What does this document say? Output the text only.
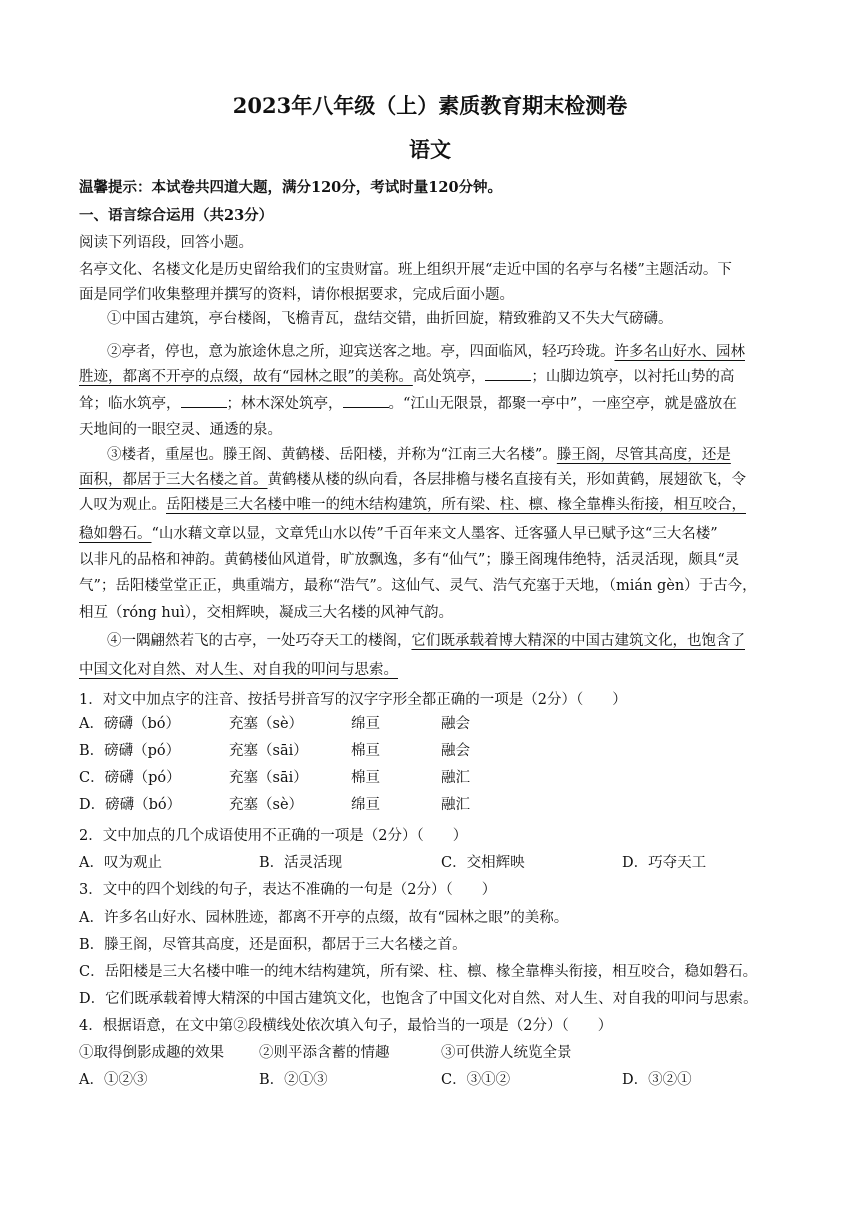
2023年八年级（上）素质教育期末检测卷
语文
温馨提示：本试卷共四道大题，满分120分，考试时量120分钟。
一、语言综合运用（共23分）
阅读下列语段，回答小题。
名亭文化、名楼文化是历史留给我们的宝贵财富。班上组织开展“走近中国的名亭与名楼”主题活动。下
面是同学们收集整理并撰写的资料，请你根据要求，完成后面小题。
①中国古建筑，亭台楼阁，飞檐青瓦，盘结交错，曲折回旋，精致雅韵又不失大气磅礴。
②亭者，停也，意为旅途休息之所，迎宾送客之地。亭，四面临风，轻巧玲珑。许多名山好水、园林
胜迹，都离不开亭的点缀，故有“园林之眼”的美称。高处筑亭，	；山脚边筑亭，以衬托山势的高
耸；临水筑亭，	；林木深处筑亭，	。“江山无限景，都聚一亭中”，一座空亭，就是盛放在
天地间的一眼空灵、通透的泉。
③楼者，重屋也。滕王阁、黄鹤楼、岳阳楼，并称为“江南三大名楼”。滕王阁，尽管其高度，还是
面积，都居于三大名楼之首。黄鹤楼从楼的纵向看，各层排檐与楼名直接有关，形如黄鹤，展翅欲飞，令
人叹为观止。岳阳楼是三大名楼中唯一的纯木结构建筑，所有梁、柱、檩、椽全靠榫头衔接，相互咬合，
稳如磐石。“山水藉文章以显，文章凭山水以传”千百年来文人墨客、迁客骚人早已赋予这“三大名楼”
以非凡的品格和神韵。黄鹤楼仙风道骨，旷放飘逸，多有“仙气”；滕王阁瑰伟绝特，活灵活现，颇具“灵
气”；岳阳楼堂堂正正，典重端方，最称“浩气”。这仙气、灵气、浩气充塞于天地，（mián gèn）于古今，
相互（róng huì），交相辉映，凝成三大名楼的风神气韵。
④一隅翩然若飞的古亭，一处巧夺天工的楼阁，它们既承载着博大精深的中国古建筑文化，也饱含了
中国文化对自然、对人生、对自我的叩问与思索。
1．对文中加点字的注音、按括号拼音写的汉字字形全都正确的一项是（2分）（　　）
A．磅礴（bó）	充塞（sè）	绵亘	融会
B．磅礴（pó）	充塞（sāi）	棉亘	融会
C．磅礴（pó）	充塞（sāi）	棉亘	融汇
D．磅礴（bó）	充塞（sè）	绵亘	融汇
2．文中加点的几个成语使用不正确的一项是（2分）（　　）
A．叹为观止	B．活灵活现	C．交相辉映	D．巧夺天工
3．文中的四个划线的句子，表达不准确的一句是（2分）（　　）
A．许多名山好水、园林胜迹，都离不开亭的点缀，故有“园林之眼”的美称。
B．滕王阁，尽管其高度，还是面积，都居于三大名楼之首。
C．岳阳楼是三大名楼中唯一的纯木结构建筑，所有梁、柱、檩、椽全靠榫头衔接，相互咬合，稳如磐石。
D．它们既承载着博大精深的中国古建筑文化，也饱含了中国文化对自然、对人生、对自我的叩问与思索。
4．根据语意，在文中第②段横线处依次填入句子，最恰当的一项是（2分）（　　）
①取得倒影成趣的效果 ②则平添含蓄的情趣	③可供游人统览全景
A．①②③	B．②①③	C．③①②	D．③②①
